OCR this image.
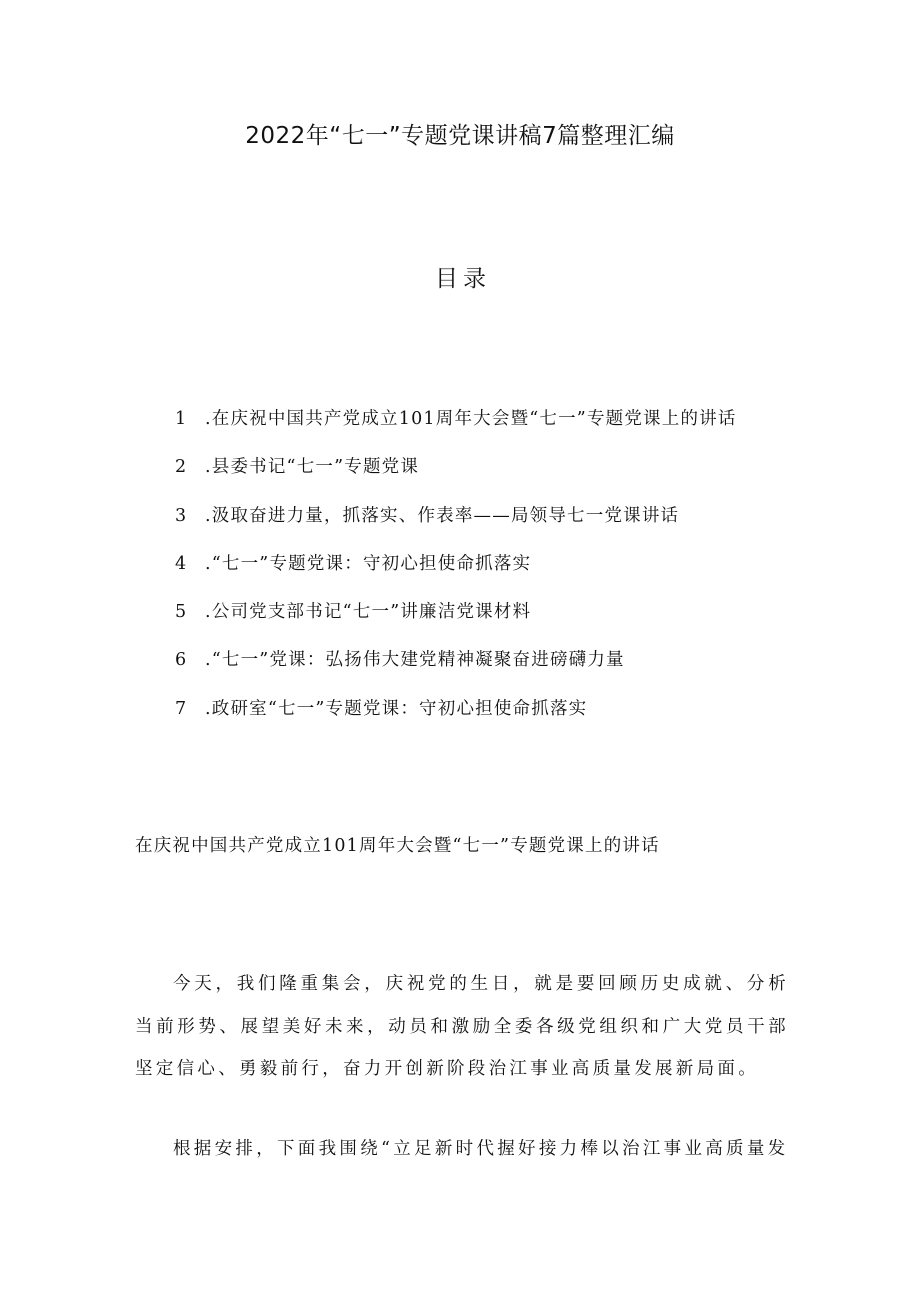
2022年“七一”专题党课讲稿7篇整理汇编
目录
1 .在庆祝中国共产党成立101周年大会暨“七一”专题党课上的讲话
2 .县委书记“七一”专题党课
3 .汲取奋进力量，抓落实、作表率——局领导七一党课讲话
4 .“七一”专题党课：守初心担使命抓落实
5 .公司党支部书记“七一”讲廉洁党课材料
6 .“七一”党课：弘扬伟大建党精神凝聚奋进磅礴力量
7 .政研室“七一”专题党课：守初心担使命抓落实
在庆祝中国共产党成立101周年大会暨“七一”专题党课上的讲话

今天，我们隆重集会，庆祝党的生日，就是要回顾历史成就、分析当前形势、展望美好未来，动员和激励全委各级党组织和广大党员干部坚定信心、勇毅前行，奋力开创新阶段治江事业高质量发展新局面。

根据安排，下面我围绕“立足新时代握好接力棒以治江事业高质量发
